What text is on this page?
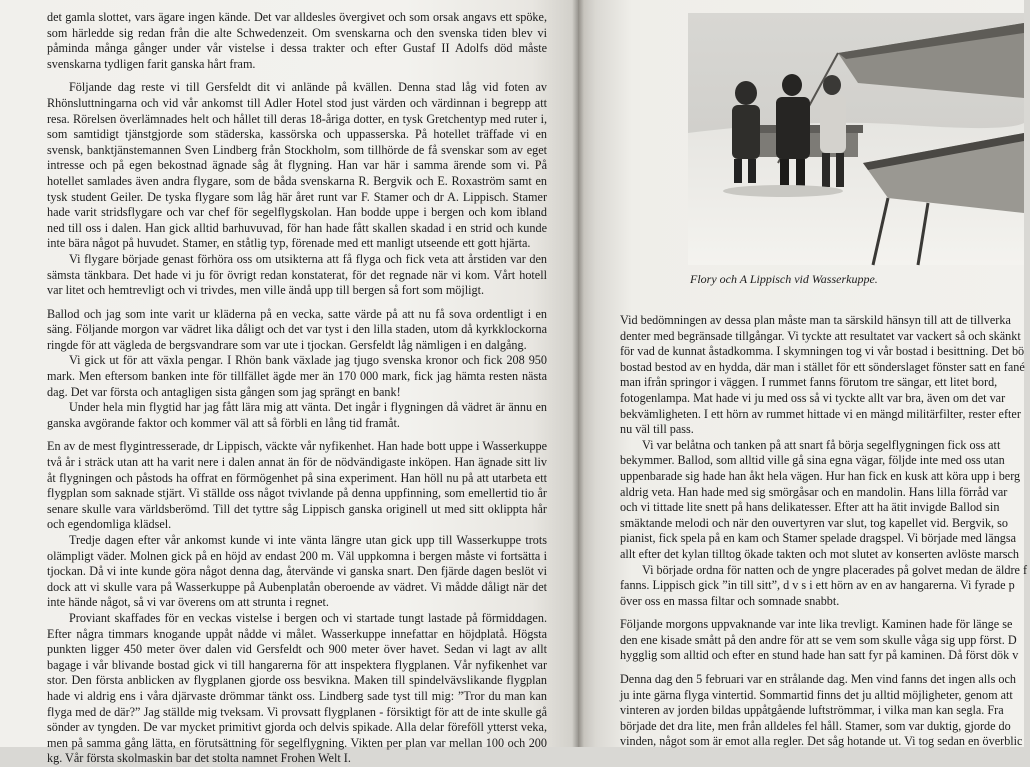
det gamla slottet, vars ägare ingen kände. Det var alldesles övergivet och som orsak angavs ett spöke, som härledde sig redan från die alte Schwedenzeit. Om svenskarna och den svenska tiden blev vi påminda många gånger under vår vistelse i dessa trakter och efter Gustaf II Adolfs död måste svenskarna tydligen farit ganska hårt fram.

Följande dag reste vi till Gersfeldt dit vi anlände på kvällen. Denna stad låg vid foten av Rhönsluttningarna och vid vår ankomst till Adler Hotel stod just värden och värdinnan i begrepp att resa. Rörelsen överlämnades helt och hållet till deras 18-åriga dotter, en tysk Gretchentyp med ruter i, som samtidigt tjänstgjorde som städerska, kassörska och uppasserska. På hotellet träffade vi en svensk, banktjänstemannen Sven Lindberg från Stockholm, som tillhörde de få svenskar som av eget intresse och på egen bekostnad ägnade såg åt flygning. Han var här i samma ärende som vi. På hotellet samlades även andra flygare, som de båda svenskarna R. Bergvik och E. Roxaström samt en tysk student Geiler. De tyska flygare som låg här året runt var F. Stamer och dr A. Lippisch. Stamer hade varit stridsflygare och var chef för segelflygskolan. Han bodde uppe i bergen och kom ibland ned till oss i dalen. Han gick alltid barhuvuvad, för han hade fått skallen skadad i en strid och kunde inte bära något på huvudet. Stamer, en ståtlig typ, förenade med ett manligt utseende ett gott hjärta.

Vi flygare började genast förhöra oss om utsikterna att få flyga och fick veta att årstiden var den sämsta tänkbara. Det hade vi ju för övrigt redan konstaterat, för det regnade när vi kom. Vårt hotell var litet och hemtrevligt och vi trivdes, men ville ändå upp till bergen så fort som möjligt.

Ballod och jag som inte varit ur kläderna på en vecka, satte värde på att nu få sova ordentligt i en säng. Följande morgon var vädret lika dåligt och det var tyst i den lilla staden, utom då kyrkklockorna ringde för att vägleda de bergsvandrare som var ute i tjockan. Gersfeldt låg nämligen i en dalgång.

Vi gick ut för att växla pengar. I Rhön bank växlade jag tjugo svenska kronor och fick 208 950 mark. Men eftersom banken inte för tillfället ägde mer än 170 000 mark, fick jag hämta resten nästa dag. Det var första och antagligen sista gången som jag sprängt en bank!

Under hela min flygtid har jag fått lära mig att vänta. Det ingår i flygningen då vädret är ännu en ganska avgörande faktor och kommer väl att så förbli en lång tid framåt.

En av de mest flygintresserade, dr Lippisch, väckte vår nyfikenhet. Han hade bott uppe i Wasserkuppe två år i sträck utan att ha varit nere i dalen annat än för de nödvändigaste inköpen. Han ägnade sitt liv åt flygningen och påstods ha offrat en förmögenhet på sina experiment. Han höll nu på att utarbeta ett flygplan som saknade stjärt. Vi ställde oss något tvivlande på denna uppfinning, som emellertid tio år senare skulle vara världsberömd. Till det tyttre såg Lippisch ganska originell ut med sitt oklippta hår och egendomliga klädsel.

Tredje dagen efter vår ankomst kunde vi inte vänta längre utan gick upp till Wasserkuppe trots olämpligt väder. Molnen gick på en höjd av endast 200 m. Väl uppkomna i bergen måste vi fortsätta i tjockan. Då vi inte kunde göra något denna dag, återvände vi ganska snart. Den fjärde dagen beslöt vi dock att vi skulle vara på Wasserkuppe på Aubenplatån oberoende av vädret. Vi mådde dåligt när det inte hände något, så vi var överens om att strunta i regnet.

Proviant skaffades för en veckas vistelse i bergen och vi startade tungt lastade på förmiddagen. Efter några timmars knogande uppåt nådde vi målet. Wasserkuppe innefattar en höjdplatå. Högsta punkten ligger 450 meter över dalen vid Gersfeldt och 900 meter över havet. Sedan vi lagt av allt bagage i vår blivande bostad gick vi till hangarerna för att inspektera flygplanen. Vår nyfikenhet var stor. Den första anblicken av flygplanen gjorde oss besvikna. Maken till spindelvävslikande flygplan hade vi aldrig ens i våra djärvaste drömmar tänkt oss. Lindberg sade tyst till mig: ”Tror du man kan flyga med de där?” Jag ställde mig tveksam. Vi provsatt flygplanen - försiktigt för att de inte skulle gå sönder av tyngden. De var mycket primitivt gjorda och delvis spikade. Alla delar föreföll ytterst veka, men på samma gång lätta, en förutsättning för segelflygning. Vikten per plan var mellan 100 och 200 kg. Vår första skolmaskin bar det stolta namnet Frohen Welt I.

Flory och A Lippisch vid Wasserkuppe.

Vid bedömningen av dessa plan måste man ta särskild hänsyn till att de tillverka

denter med begränsade tillgångar. Vi tyckte att resultatet var vackert så och skänkt

för vad de kunnat åstadkomma. I skymningen tog vi vår bostad i besittning. Det bö

bostad bestod av en hydda, där man i stället för ett sönderslaget fönster satt en fané

man ifrån springor i väggen. I rummet fanns förutom tre sängar, ett litet bord,

fotogenlampa. Mat hade vi ju med oss så vi tyckte allt var bra, även om det var

bekvämligheten. I ett hörn av rummet hittade vi en mängd militärfilter, rester efter

nu väl till pass.

Vi var belåtna och tanken på att snart få börja segelflygningen fick oss att

bekymmer. Ballod, som alltid ville gå sina egna vägar, följde inte med oss utan

uppenbarade sig hade han åkt hela vägen. Hur han fick en kusk att köra upp i berg

aldrig veta. Han hade med sig smörgåsar och en mandolin. Hans lilla förråd var

och vi tittade lite snett på hans delikatesser. Efter att ha ätit invigde Ballod sin

smäktande melodi och när den ouvertyren var slut, tog kapellet vid. Bergvik, so

pianist, fick spela på en kam och Stamer spelade dragspel. Vi började med längsa

allt efter det kylan tilltog ökade takten och mot slutet av konserten avlöste marsch

Vi började ordna för natten och de yngre placerades på golvet medan de äldre f

fanns. Lippisch gick ”in till sitt”, d v s i ett hörn av en av hangarerna. Vi fyrade p

över oss en massa filtar och somnade snabbt.

Följande morgons uppvaknande var inte lika trevligt. Kaminen hade för länge se

den ene kisade smått på den andre för att se vem som skulle våga sig upp först. D

hygglig som alltid och efter en stund hade han satt fyr på kaminen. Då först dök v

Denna dag den 5 februari var en strålande dag. Men vind fanns det ingen alls och

ju inte gärna flyga vintertid. Sommartid finns det ju alltid möjligheter, genom att

vinteren av jorden bildas uppåtgående luftströmmar, i vilka man kan segla. Fra

började det dra lite, men från alldeles fel håll. Stamer, som var duktig, gjorde do

vinden, något som är emot alla regler. Det såg hotande ut. Vi tog sedan en överblic
